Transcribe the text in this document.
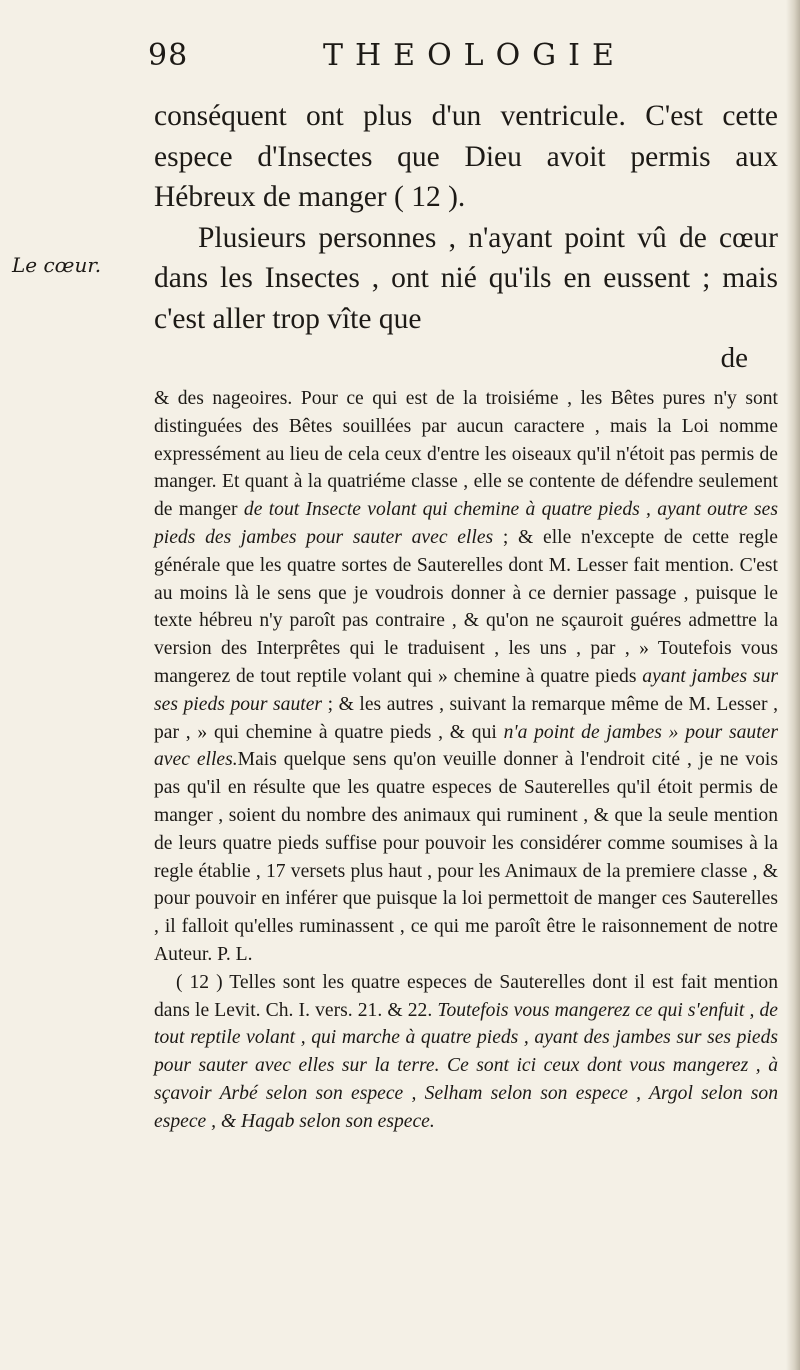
98	THEOLOGIE
Le cœur.

conséquent ont plus d'un ventricule. C'est cette espece d'Insectes que Dieu avoit permis aux Hébreux de manger ( 12 ).

Plusieurs personnes , n'ayant point vû de cœur dans les Insectes , ont nié qu'ils en eussent ; mais c'est aller trop vîte que

de

& des nageoires. Pour ce qui est de la troisiéme , les Bêtes pures n'y sont distinguées des Bêtes souillées par aucun caractere , mais la Loi nomme expressément au lieu de cela ceux d'entre les oiseaux qu'il n'étoit pas permis de manger. Et quant à la quatriéme classe , elle se contente de défendre seulement de manger de tout Insecte volant qui chemine à quatre pieds , ayant outre ses pieds des jambes pour sauter avec elles ; & elle n'excepte de cette regle générale que les quatre sortes de Sauterelles dont M. Lesser fait mention. C'est au moins là le sens que je voudrois donner à ce dernier passage , puisque le texte hébreu n'y paroît pas contraire , & qu'on ne sçauroit guéres admettre la version des Interprêtes qui le traduisent , les uns , par , » Toutefois vous mangerez de tout reptile volant qui » chemine à quatre pieds ayant jambes sur ses pieds pour sauter ; & les autres , suivant la remarque même de M. Lesser , par , » qui chemine à quatre pieds , & qui n'a point de jambes » pour sauter avec elles.Mais quelque sens qu'on veuille donner à l'endroit cité , je ne vois pas qu'il en résulte que les quatre especes de Sauterelles qu'il étoit permis de manger , soient du nombre des animaux qui ruminent , & que la seule mention de leurs quatre pieds suffise pour pouvoir les considérer comme soumises à la regle établie , 17 versets plus haut , pour les Animaux de la premiere classe , & pour pouvoir en inférer que puisque la loi permettoit de manger ces Sauterelles , il falloit qu'elles ruminassent , ce qui me paroît être le raisonnement de notre Auteur. P. L.

( 12 ) Telles sont les quatre especes de Sauterelles dont il est fait mention dans le Levit. Ch. I. vers. 21. & 22. Toutefois vous mangerez ce qui s'enfuit , de tout reptile volant , qui marche à quatre pieds , ayant des jambes sur ses pieds pour sauter avec elles sur la terre. Ce sont ici ceux dont vous mangerez , à sçavoir Arbé selon son espece , Selham selon son espece , Argol selon son espece , & Hagab selon son espece.
